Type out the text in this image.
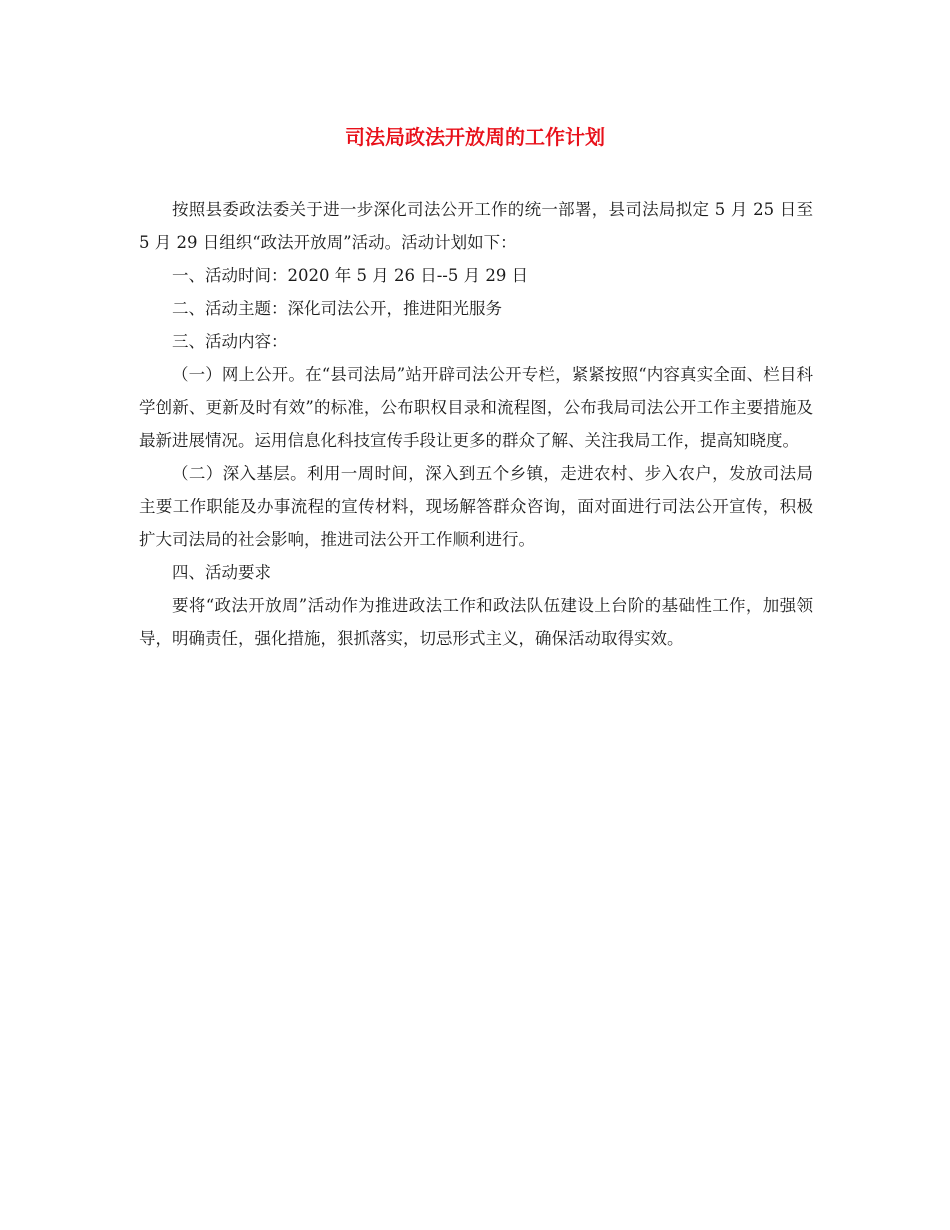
司法局政法开放周的工作计划

按照县委政法委关于进一步深化司法公开工作的统一部署，县司法局拟定 5 月 25 日至 5 月 29 日组织“政法开放周”活动。活动计划如下：

一、活动时间：2020 年 5 月 26 日--5 月 29 日

二、活动主题：深化司法公开，推进阳光服务

三、活动内容：

（一）网上公开。在“县司法局”站开辟司法公开专栏，紧紧按照“内容真实全面、栏目科学创新、更新及时有效”的标准，公布职权目录和流程图，公布我局司法公开工作主要措施及最新进展情况。运用信息化科技宣传手段让更多的群众了解、关注我局工作，提高知晓度。

（二）深入基层。利用一周时间，深入到五个乡镇，走进农村、步入农户，发放司法局主要工作职能及办事流程的宣传材料，现场解答群众咨询，面对面进行司法公开宣传，积极扩大司法局的社会影响，推进司法公开工作顺利进行。

四、活动要求

要将“政法开放周”活动作为推进政法工作和政法队伍建设上台阶的基础性工作，加强领导，明确责任，强化措施，狠抓落实，切忌形式主义，确保活动取得实效。
